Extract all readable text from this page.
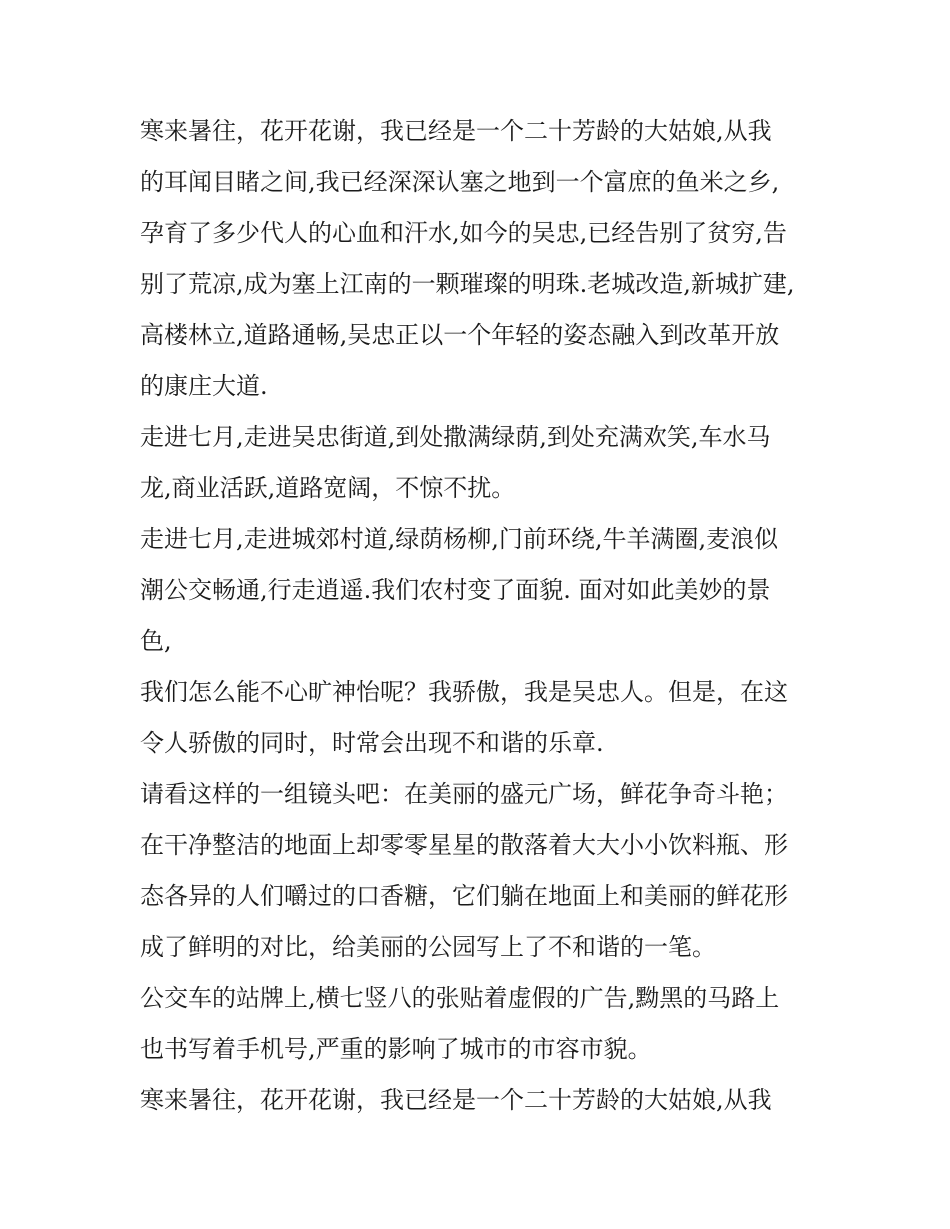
寒来暑往，花开花谢，我已经是一个二十芳龄的大姑娘,从我
的耳闻目睹之间,我已经深深认塞之地到一个富庶的鱼米之乡,
孕育了多少代人的心血和汗水,如今的吴忠,已经告别了贫穷,告
别了荒凉,成为塞上江南的一颗璀璨的明珠.老城改造,新城扩建,
高楼林立,道路通畅,吴忠正以一个年轻的姿态融入到改革开放
的康庄大道.
走进七月,走进吴忠街道,到处撒满绿荫,到处充满欢笑,车水马
龙,商业活跃,道路宽阔，不惊不扰。
走进七月,走进城郊村道,绿荫杨柳,门前环绕,牛羊满圈,麦浪似
潮公交畅通,行走逍遥.我们农村变了面貌. 面对如此美妙的景
色,
我们怎么能不心旷神怡呢？我骄傲，我是吴忠人。但是，在这
令人骄傲的同时，时常会出现不和谐的乐章.
请看这样的一组镜头吧：在美丽的盛元广场，鲜花争奇斗艳；
在干净整洁的地面上却零零星星的散落着大大小小饮料瓶、形
态各异的人们嚼过的口香糖，它们躺在地面上和美丽的鲜花形
成了鲜明的对比，给美丽的公园写上了不和谐的一笔。
公交车的站牌上,横七竖八的张贴着虚假的广告,黝黑的马路上
也书写着手机号,严重的影响了城市的市容市貌。
寒来暑往，花开花谢，我已经是一个二十芳龄的大姑娘,从我
